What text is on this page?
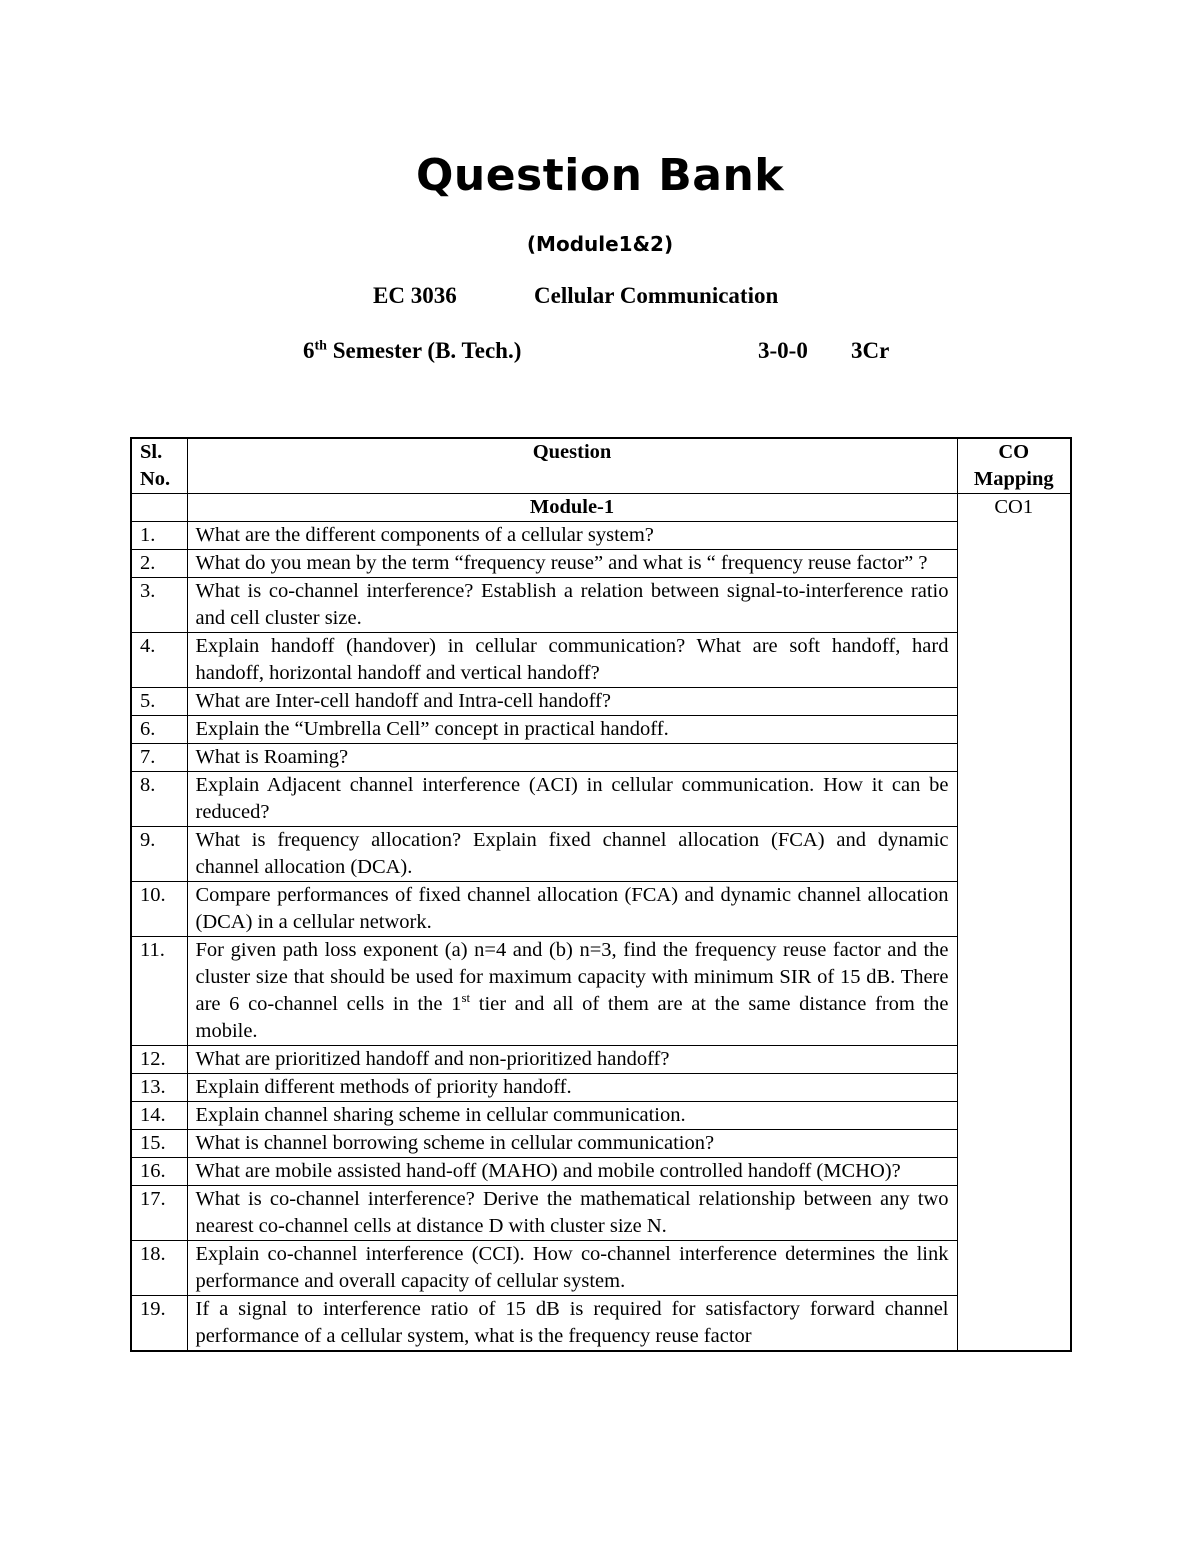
Question Bank
(Module1&2)
EC 3036	Cellular Communication
6th Semester (B. Tech.)	3-0-0 3Cr
Sl. No.	Question	CO Mapping
	Module-1	CO1
1.	What are the different components of a cellular system?	
2.	What do you mean by the term “frequency reuse” and what is “ frequency reuse factor” ?	
3.	What is co-channel interference? Establish a relation between signal-to-interference ratio and cell cluster size.	
4.	Explain handoff (handover) in cellular communication? What are soft handoff, hard handoff, horizontal handoff and vertical handoff?	
5.	What are Inter-cell handoff and Intra-cell handoff?	
6.	Explain the “Umbrella Cell” concept in practical handoff.	
7.	What is Roaming?	
8.	Explain Adjacent channel interference (ACI) in cellular communication. How it can be reduced?	
9.	What is frequency allocation? Explain fixed channel allocation (FCA) and dynamic channel allocation (DCA).	
10.	Compare performances of fixed channel allocation (FCA) and dynamic channel allocation (DCA) in a cellular network.	
11.	For given path loss exponent (a) n=4 and (b) n=3, find the frequency reuse factor and the cluster size that should be used for maximum capacity with minimum SIR of 15 dB. There are 6 co-channel cells in the 1st tier and all of them are at the same distance from the mobile.	
12.	What are prioritized handoff and non-prioritized handoff?	
13.	Explain different methods of priority handoff.	
14.	Explain channel sharing scheme in cellular communication.	
15.	What is channel borrowing scheme in cellular communication?	
16.	What are mobile assisted hand-off (MAHO) and mobile controlled handoff (MCHO)?	
17.	What is co-channel interference? Derive the mathematical relationship between any two nearest co-channel cells at distance D with cluster size N.	
18.	Explain co-channel interference (CCI). How co-channel interference determines the link performance and overall capacity of cellular system.	
19.	If a signal to interference ratio of 15 dB is required for satisfactory forward channel performance of a cellular system, what is the frequency reuse factor	
